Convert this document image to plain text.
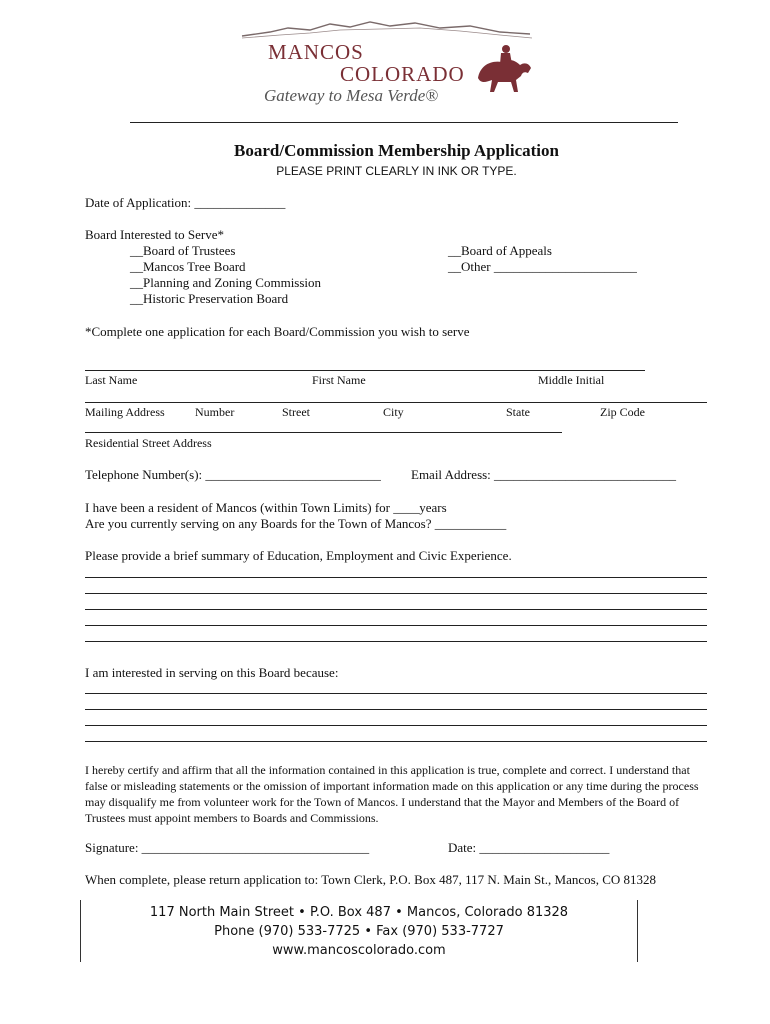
MANCOS
COLORADO
Gateway to Mesa Verde®
Board/Commission Membership Application
PLEASE PRINT CLEARLY IN INK OR TYPE.
Date of Application: ______________
Board Interested to Serve*
__Board of Trustees
__Mancos Tree Board
__Planning and Zoning Commission
__Historic Preservation Board
__Board of Appeals
__Other ______________________
*Complete one application for each Board/Commission you wish to serve
Last Name	First Name	Middle Initial
Mailing Address	Number	Street	City	State	Zip Code
Residential Street Address
Telephone Number(s): ___________________________ Email Address: ____________________________
I have been a resident of Mancos (within Town Limits) for ____years
Are you currently serving on any Boards for the Town of Mancos? ___________
Please provide a brief summary of Education, Employment and Civic Experience.
I am interested in serving on this Board because:
I hereby certify and affirm that all the information contained in this application is true, complete and correct. I understand that false or misleading statements or the omission of important information made on this application or any time during the process may disqualify me from volunteer work for the Town of Mancos. I understand that the Mayor and Members of the Board of Trustees must appoint members to Boards and Commissions.
Signature: ___________________________________	Date: ____________________
When complete, please return application to: Town Clerk, P.O. Box 487, 117 N. Main St., Mancos, CO 81328
117 North Main Street • P.O. Box 487 • Mancos, Colorado 81328
Phone (970) 533-7725 • Fax (970) 533-7727
www.mancoscolorado.com
